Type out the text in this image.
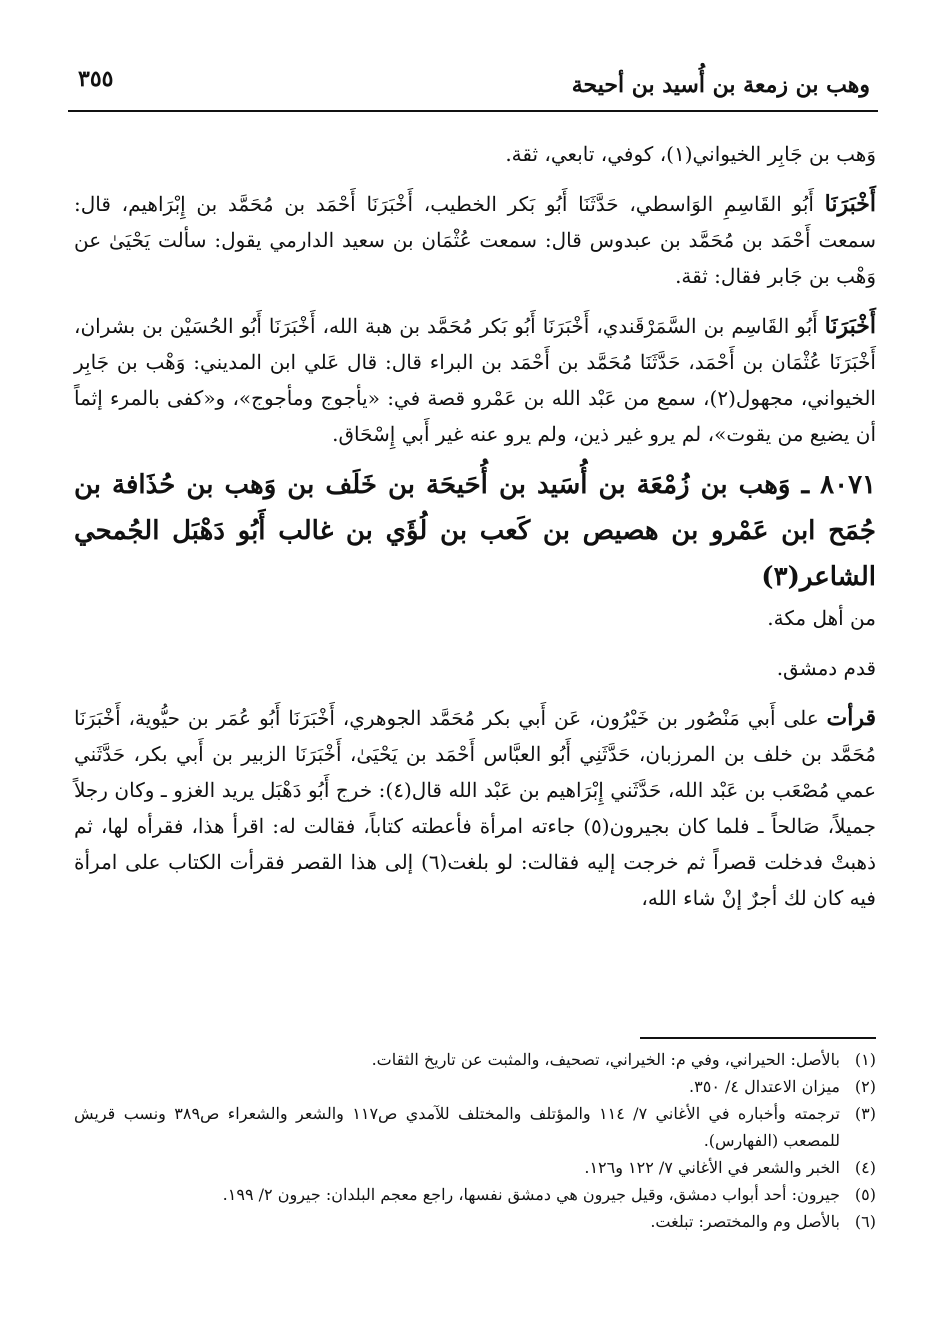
وهب بن زمعة بن أُسيد بن أحيحة
٣٥٥

وَهب بن جَابِر الخيواني(١)، كوفي، تابعي، ثقة.

أَخْبَرَنَا أَبُو القَاسِمِ الوَاسطي، حَدَّثَنَا أَبُو بَكر الخطيب، أَخْبَرَنَا أَحْمَد بن مُحَمَّد بن إِبْرَاهيم، قال: سمعت أَحْمَد بن مُحَمَّد بن عبدوس قال: سمعت عُثْمَان بن سعيد الدارمي يقول: سألت يَحْيَىٰ عن وَهْب بن جَابر فقال: ثقة.

أَخْبَرَنَا أَبُو القَاسِم بن السَّمَرْقَندي، أَخْبَرَنَا أَبُو بَكر مُحَمَّد بن هبة الله، أَخْبَرَنَا أَبُو الحُسَيْن بن بشران، أَخْبَرَنَا عُثْمَان بن أَحْمَد، حَدَّثَنَا مُحَمَّد بن أَحْمَد بن البراء قال: قال عَلي ابن المديني: وَهْب بن جَابِر الخيواني، مجهول(٢)، سمع من عَبْد الله بن عَمْرو قصة في: «يأجوج ومأجوج»، و«كفى بالمرء إثماً أن يضيع من يقوت»، لم يرو غير ذين، ولم يرو عنه غير أَبي إِسْحَاق.

٨٠٧١ ـ وَهب بن زُمْعَة بن أُسَيد بن أُحَيحَة بن خَلَف بن وَهب بن حُذَافة بن جُمَح ابن عَمْرو بن هصيص بن كَعب بن لُؤَي بن غالب أَبُو دَهْبَل الجُمحي الشاعر(٣)

من أهل مكة.

قدم دمشق.

قرأت على أَبي مَنْصُور بن خَيْرُون، عَن أَبي بكر مُحَمَّد الجوهري، أَخْبَرَنَا أَبُو عُمَر بن حيُّوية، أَخْبَرَنَا مُحَمَّد بن خلف بن المرزبان، حَدَّثَنِي أَبُو العبَّاس أَحْمَد بن يَحْيَىٰ، أَخْبَرَنَا الزبير بن أَبي بكر، حَدَّثَني عمي مُصْعَب بن عَبْد الله، حَدَّثَني إِبْرَاهيم بن عَبْد الله قال(٤): خرج أَبُو دَهْبَل يريد الغزو ـ وكان رجلاً جميلاً، صَالحاً ـ فلما كان بجيرون(٥) جاءته امرأة فأعطته كتاباً، فقالت له: اقرأ هذا، فقرأه لها، ثم ذهبتْ فدخلت قصراً ثم خرجت إليه فقالت: لو بلغت(٦) إلى هذا القصر فقرأت الكتاب على امرأة فيه كان لك أجرٌ إنْ شاء الله،

(١)
بالأصل: الحيراني، وفي م: الخيراني، تصحيف، والمثبت عن تاريخ الثقات.

(٢)
ميزان الاعتدال ٤/ ٣٥٠.

(٣)
ترجمته وأخباره في الأغاني ٧/ ١١٤ والمؤتلف والمختلف للآمدي ص١١٧ والشعر والشعراء ص٣٨٩ ونسب قريش للمصعب (الفهارس).

(٤)
الخبر والشعر في الأغاني ٧/ ١٢٢ و١٢٦.

(٥)
جيرون: أحد أبواب دمشق، وقيل جيرون هي دمشق نفسها، راجع معجم البلدان: جيرون ٢/ ١٩٩.

(٦)
بالأصل وم والمختصر: تبلغت.
